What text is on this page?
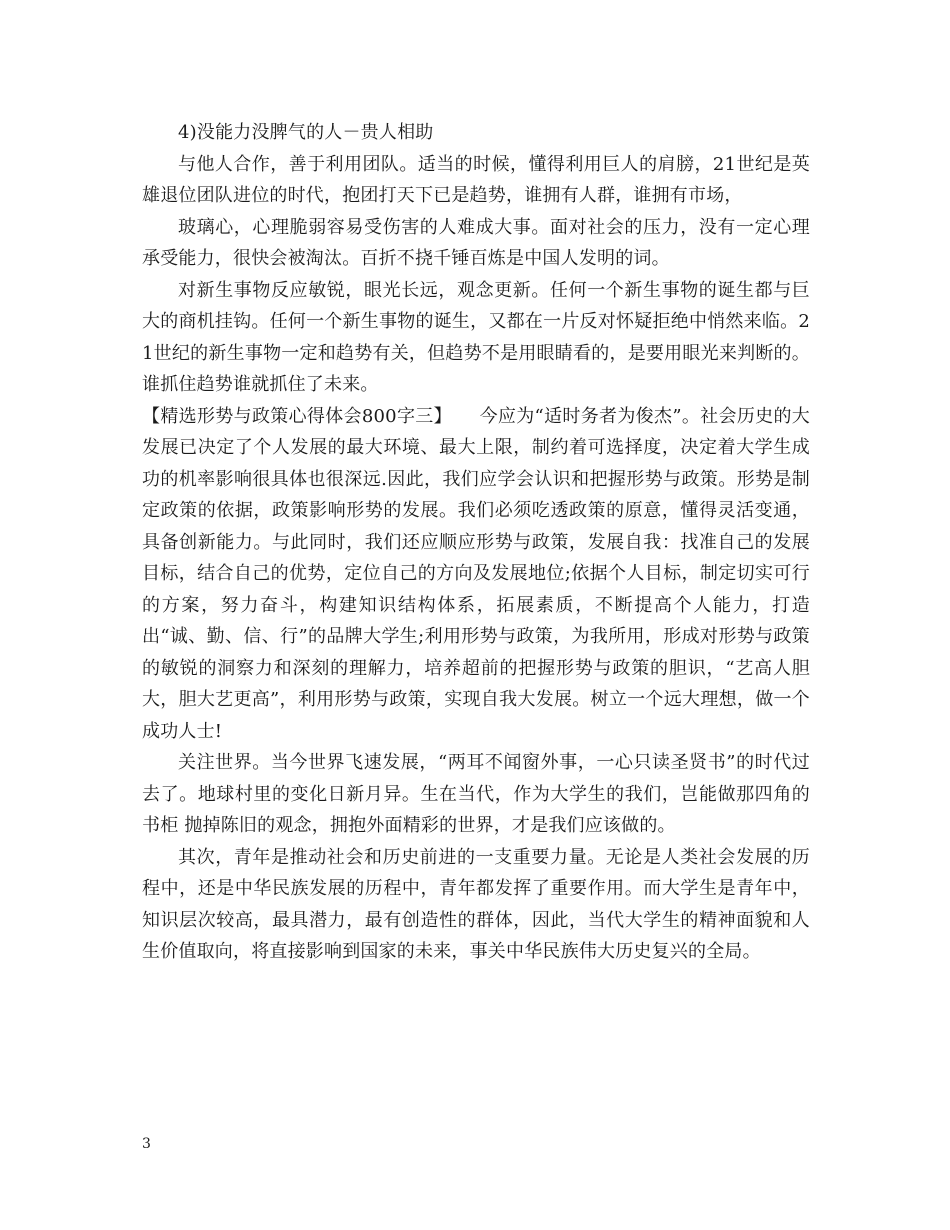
4)没能力没脾气的人－贵人相助

与他人合作，善于利用团队。适当的时候，懂得利用巨人的肩膀，21世纪是英雄退位团队进位的时代，抱团打天下已是趋势，谁拥有人群，谁拥有市场，

玻璃心，心理脆弱容易受伤害的人难成大事。面对社会的压力，没有一定心理承受能力，很快会被淘汰。百折不挠千锤百炼是中国人发明的词。

对新生事物反应敏锐，眼光长远，观念更新。任何一个新生事物的诞生都与巨大的商机挂钩。任何一个新生事物的诞生，又都在一片反对怀疑拒绝中悄然来临。21世纪的新生事物一定和趋势有关，但趋势不是用眼睛看的，是要用眼光来判断的。谁抓住趋势谁就抓住了未来。

【精选形势与政策心得体会800字三】　　今应为“适时务者为俊杰”。社会历史的大发展已决定了个人发展的最大环境、最大上限，制约着可选择度，决定着大学生成功的机率影响很具体也很深远.因此，我们应学会认识和把握形势与政策。形势是制定政策的依据，政策影响形势的发展。我们必须吃透政策的原意，懂得灵活变通，具备创新能力。与此同时，我们还应顺应形势与政策，发展自我：找准自己的发展目标，结合自己的优势，定位自己的方向及发展地位;依据个人目标，制定切实可行的方案，努力奋斗，构建知识结构体系，拓展素质，不断提高个人能力，打造出“诚、勤、信、行”的品牌大学生;利用形势与政策，为我所用，形成对形势与政策的敏锐的洞察力和深刻的理解力，培养超前的把握形势与政策的胆识，“艺高人胆大，胆大艺更高”，利用形势与政策，实现自我大发展。树立一个远大理想，做一个成功人士!

关注世界。当今世界飞速发展，“两耳不闻窗外事，一心只读圣贤书”的时代过去了。地球村里的变化日新月异。生在当代，作为大学生的我们，岂能做那四角的书柜 抛掉陈旧的观念，拥抱外面精彩的世界，才是我们应该做的。

其次，青年是推动社会和历史前进的一支重要力量。无论是人类社会发展的历程中，还是中华民族发展的历程中，青年都发挥了重要作用。而大学生是青年中，知识层次较高，最具潜力，最有创造性的群体，因此，当代大学生的精神面貌和人生价值取向，将直接影响到国家的未来，事关中华民族伟大历史复兴的全局。

3
